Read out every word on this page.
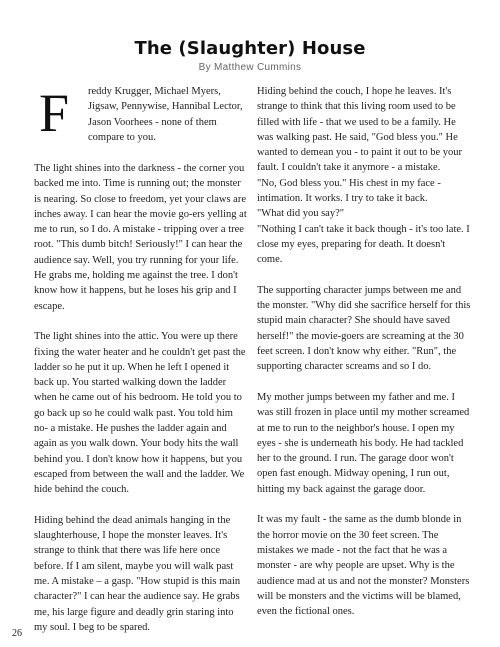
The (Slaughter) House
By Matthew Cummins
F reddy Krugger, Michael Myers,
Jigsaw, Pennywise, Hannibal Lector,
Jason Voorhees - none of them
compare to you.

The light shines into the darkness - the corner you backed me into. Time is running out; the monster is nearing. So close to freedom, yet your claws are inches away. I can hear the movie go-ers yelling at me to run, so I do. A mistake - tripping over a tree root. "This dumb bitch! Seriously!" I can hear the audience say. Well, you try running for your life. He grabs me, holding me against the tree. I don't know how it happens, but he loses his grip and I escape.

The light shines into the attic. You were up there fixing the water heater and he couldn't get past the ladder so he put it up. When he left I opened it back up. You started walking down the ladder when he came out of his bedroom. He told you to go back up so he could walk past. You told him no- a mistake. He pushes the ladder again and again as you walk down. Your body hits the wall behind you. I don't know how it happens, but you escaped from between the wall and the ladder. We hide behind the couch.

Hiding behind the dead animals hanging in the slaughterhouse, I hope the monster leaves. It's strange to think that there was life here once before. If I am silent, maybe you will walk past me. A mistake – a gasp. "How stupid is this main character?" I can hear the audience say. He grabs me, his large figure and deadly grin staring into my soul. I beg to be spared.

Hiding behind the couch, I hope he leaves. It's strange to think that this living room used to be filled with life - that we used to be a family. He was walking past. He said, "God bless you." He wanted to demean you - to paint it out to be your fault. I couldn't take it anymore - a mistake.

"No, God bless you." His chest in my face - intimation. It works. I try to take it back.

"What did you say?"

"Nothing I can't take it back though - it's too late. I close my eyes, preparing for death. It doesn't come.

The supporting character jumps between me and the monster. "Why did she sacrifice herself for this stupid main character? She should have saved herself!" the movie-goers are screaming at the 30 feet screen. I don't know why either. "Run", the supporting character screams and so I do.

My mother jumps between my father and me. I was still frozen in place until my mother screamed at me to run to the neighbor's house. I open my eyes - she is underneath his body. He had tackled her to the ground. I run. The garage door won't open fast enough. Midway opening, I run out, hitting my back against the garage door.

It was my fault - the same as the dumb blonde in the horror movie on the 30 feet screen. The mistakes we made - not the fact that he was a monster - are why people are upset. Why is the audience mad at us and not the monster? Monsters will be monsters and the victims will be blamed, even the fictional ones.

26
